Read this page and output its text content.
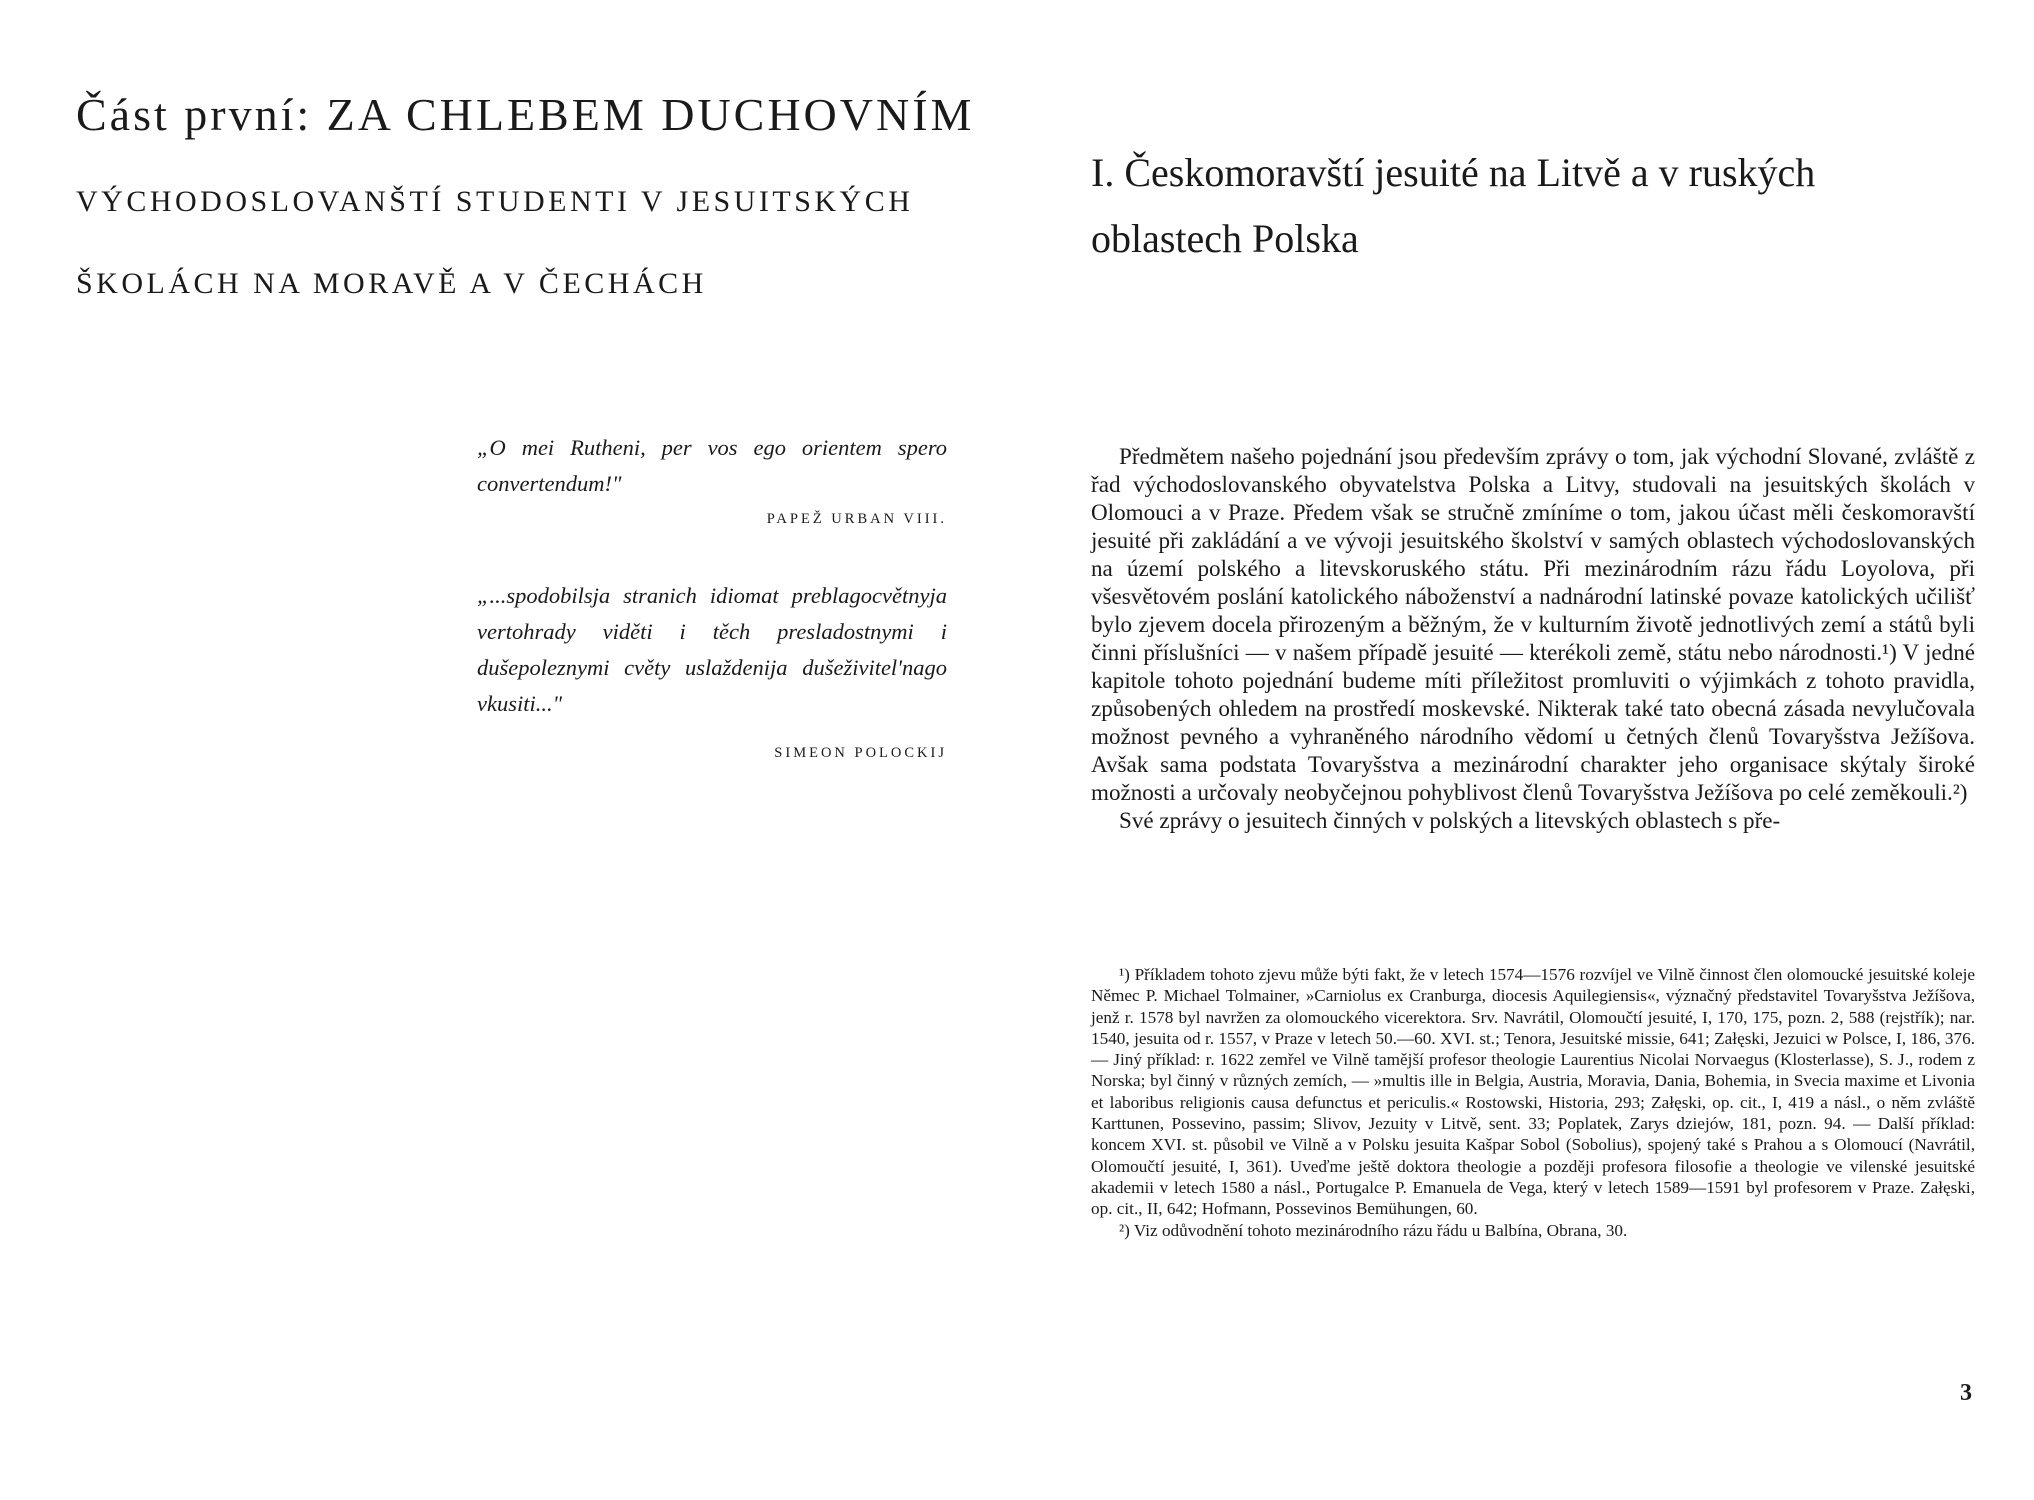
Část první: ZA CHLEBEM DUCHOVNÍM
VÝCHODOSLOVANŠTÍ STUDENTI V JESUITSKÝCH
ŠKOLÁCH NA MORAVĚ A V ČECHÁCH
„O mei Rutheni, per vos ego orientem spero convertendum!"
PAPEŽ URBAN VIII.
„...spodobilsja stranich idiomat preblagocvětnyja vertohrady viděti i těch presladostnymi i dušepoleznymi cvěty uslaždenija dušeživitel'nago vkusiti..."
SIMEON POLOCKIJ
I. Českomoravští jesuité na Litvě a v ruských oblastech Polska

Předmětem našeho pojednání jsou především zprávy o tom, jak východní Slované, zvláště z řad východoslovanského obyvatelstva Polska a Litvy, studovali na jesuitských školách v Olomouci a v Praze. Předem však se stručně zmíníme o tom, jakou účast měli českomoravští jesuité při zakládání a ve vývoji jesuitského školství v samých oblastech východoslovanských na území polského a litevskoruského státu. Při mezinárodním rázu řádu Loyolova, při všesvětovém poslání katolického náboženství a nadnárodní latinské povaze katolických učilišť bylo zjevem docela přirozeným a běžným, že v kulturním životě jednotlivých zemí a států byli činni příslušníci — v našem případě jesuité — kterékoli země, státu nebo národnosti.¹) V jedné kapitole tohoto pojednání budeme míti příležitost promluviti o výjimkách z tohoto pravidla, způsobených ohledem na prostředí moskevské. Nikterak také tato obecná zásada nevylučovala možnost pevného a vyhraněného národního vědomí u četných členů Tovaryšstva Ježíšova. Avšak sama podstata Tovaryšstva a mezinárodní charakter jeho organisace skýtaly široké možnosti a určovaly neobyčejnou pohyblivost členů Tovaryšstva Ježíšova po celé zeměkouli.²)

Své zprávy o jesuitech činných v polských a litevských oblastech s pře-

¹) Příkladem tohoto zjevu může býti fakt, že v letech 1574—1576 rozvíjel ve Vilně činnost člen olomoucké jesuitské koleje Němec P. Michael Tolmainer, »Carniolus ex Cranburga, diocesis Aquilegiensis«, význačný představitel Tovaryšstva Ježíšova, jenž r. 1578 byl navržen za olomouckého vicerektora. Srv. Navrátil, Olomoučtí jesuité, I, 170, 175, pozn. 2, 588 (rejstřík); nar. 1540, jesuita od r. 1557, v Praze v letech 50.—60. XVI. st.; Tenora, Jesuitské missie, 641; Załęski, Jezuici w Polsce, I, 186, 376. — Jiný příklad: r. 1622 zemřel ve Vilně tamější profesor theologie Laurentius Nicolai Norvaegus (Klosterlasse), S. J., rodem z Norska; byl činný v různých zemích, — »multis ille in Belgia, Austria, Moravia, Dania, Bohemia, in Svecia maxime et Livonia et laboribus religionis causa defunctus et periculis.« Rostowski, Historia, 293; Załęski, op. cit., I, 419 a násl., o něm zvláště Karttunen, Possevino, passim; Slivov, Jezuity v Litvě, sent. 33; Poplatek, Zarys dziejów, 181, pozn. 94. — Další příklad: koncem XVI. st. působil ve Vilně a v Polsku jesuita Kašpar Sobol (Sobolius), spojený také s Prahou a s Olomoucí (Navrátil, Olomoučtí jesuité, I, 361). Uveďme ještě doktora theologie a později profesora filosofie a theologie ve vilenské jesuitské akademii v letech 1580 a násl., Portugalce P. Emanuela de Vega, který v letech 1589—1591 byl profesorem v Praze. Załęski, op. cit., II, 642; Hofmann, Possevinos Bemühungen, 60.

²) Viz odůvodnění tohoto mezinárodního rázu řádu u Balbína, Obrana, 30.

3
